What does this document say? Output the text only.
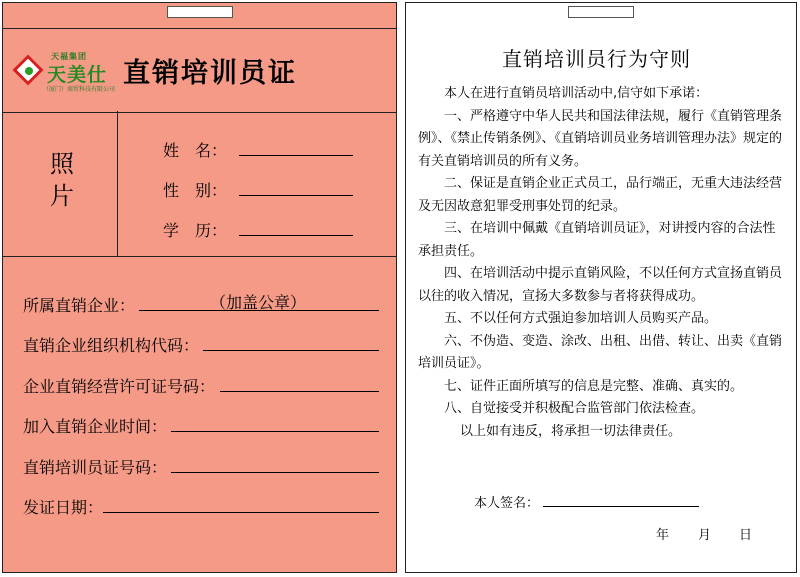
天福集团
天美仕
（厦门）商贸科技有限公司
直销培训员证
照片
姓　名：
性　别：
学　历：
所属直销企业：	（加盖公章）
直销企业组织机构代码：
企业直销经营许可证号码：
加入直销企业时间：
直销培训员证号码：
发证日期：
直销培训员行为守则

本人在进行直销员培训活动中,信守如下承诺：

一、严格遵守中华人民共和国法律法规，履行《直销管理条例》、《禁止传销条例》、《直销培训员业务培训管理办法》规定的有关直销培训员的所有义务。

二、保证是直销企业正式员工，品行端正，无重大违法经营及无因故意犯罪受刑事处罚的纪录。

三、在培训中佩戴《直销培训员证》，对讲授内容的合法性承担责任。

四、在培训活动中提示直销风险，不以任何方式宣扬直销员以往的收入情况，宣扬大多数参与者将获得成功。

五、不以任何方式强迫参加培训人员购买产品。

六、不伪造、变造、涂改、出租、出借、转让、出卖《直销培训员证》。

七、证件正面所填写的信息是完整、准确、真实的。

八、自觉接受并积极配合监管部门依法检查。

以上如有违反，将承担一切法律责任。

本人签名：
年 月 日
